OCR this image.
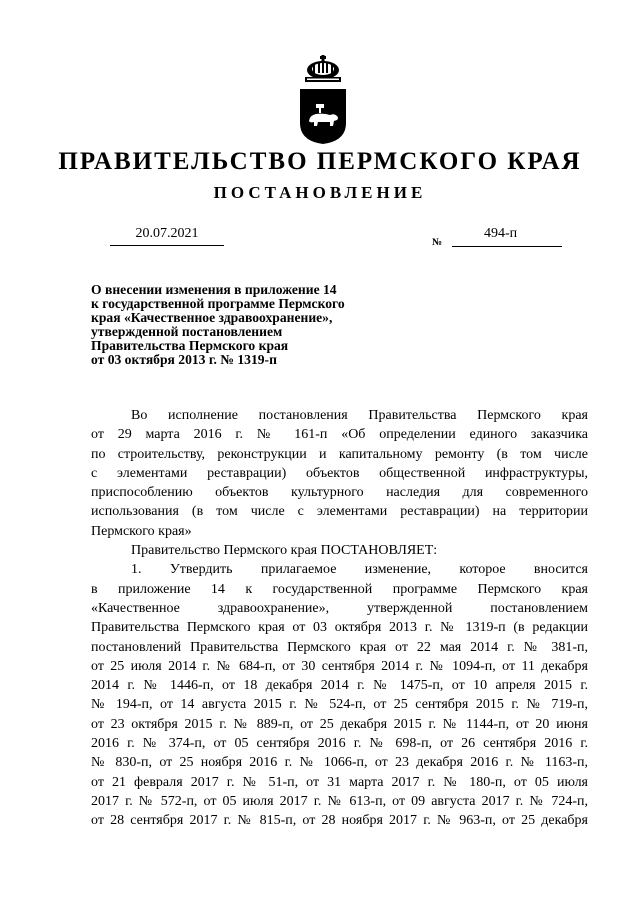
ПРАВИТЕЛЬСТВО ПЕРМСКОГО КРАЯ
ПОСТАНОВЛЕНИЕ
20.07.2021
№
494-п
О внесении изменения в приложение 14
к государственной программе Пермского
края «Качественное здравоохранение»,
утвержденной постановлением
Правительства Пермского края
от 03 октября 2013 г. № 1319-п
Во исполнение постановления Правительства Пермского края
от 29 марта 2016 г. № 161-п «Об определении единого заказчика
по строительству, реконструкции и капитальному ремонту (в том числе
с элементами реставрации) объектов общественной инфраструктуры,
приспособлению объектов культурного наследия для современного
использования (в том числе с элементами реставрации) на территории
Пермского края»
Правительство Пермского края ПОСТАНОВЛЯЕТ:
1. Утвердить прилагаемое изменение, которое вносится
в приложение 14 к государственной программе Пермского края
«Качественное здравоохранение», утвержденной постановлением
Правительства Пермского края от 03 октября 2013 г. № 1319-п (в редакции
постановлений Правительства Пермского края от 22 мая 2014 г. № 381-п,
от 25 июля 2014 г. № 684-п, от 30 сентября 2014 г. № 1094-п, от 11 декабря
2014 г. № 1446-п, от 18 декабря 2014 г. № 1475-п, от 10 апреля 2015 г.
№ 194-п, от 14 августа 2015 г. № 524-п, от 25 сентября 2015 г. № 719-п,
от 23 октября 2015 г. № 889-п, от 25 декабря 2015 г. № 1144-п, от 20 июня
2016 г. № 374-п, от 05 сентября 2016 г. № 698-п, от 26 сентября 2016 г.
№ 830-п, от 25 ноября 2016 г. № 1066-п, от 23 декабря 2016 г. № 1163-п,
от 21 февраля 2017 г. № 51-п, от 31 марта 2017 г. № 180-п, от 05 июля
2017 г. № 572-п, от 05 июля 2017 г. № 613-п, от 09 августа 2017 г. № 724-п,
от 28 сентября 2017 г. № 815-п, от 28 ноября 2017 г. № 963-п, от 25 декабря
